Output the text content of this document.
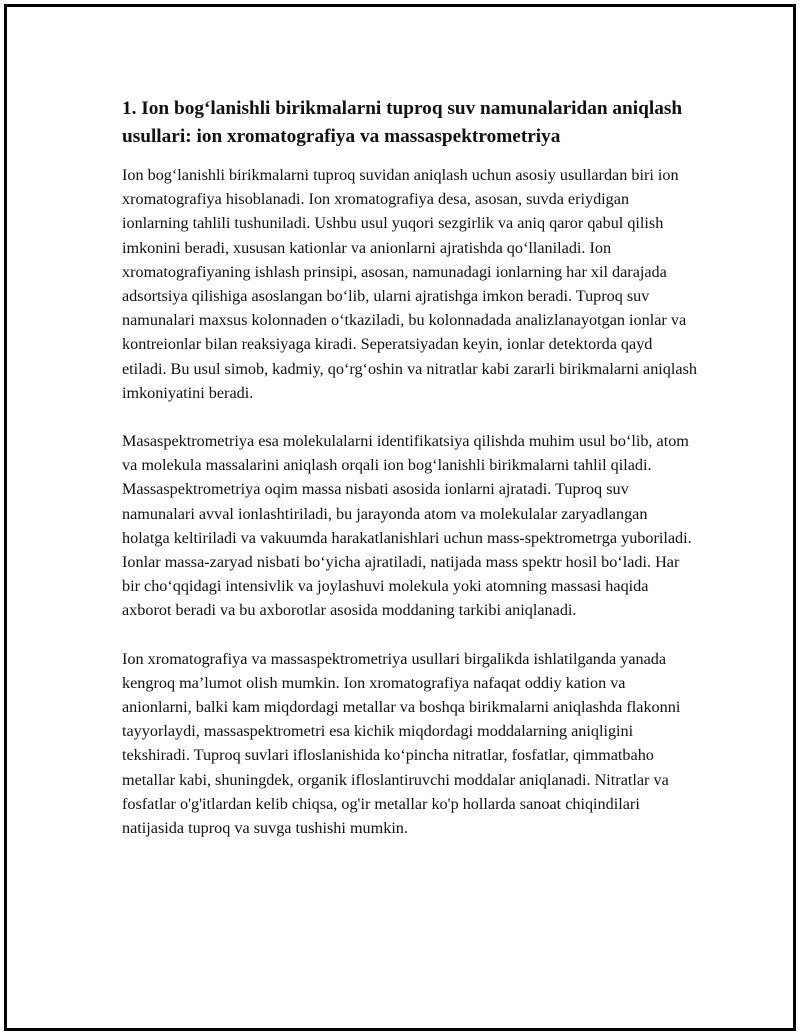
1. Ion bog‘lanishli birikmalarni tuproq suv namunalaridan aniqlash usullari: ion xromatografiya va massaspektrometriya

Ion bog‘lanishli birikmalarni tuproq suvidan aniqlash uchun asosiy usullardan biri ion xromatografiya hisoblanadi. Ion xromatografiya desa, asosan, suvda eriydigan ionlarning tahlili tushuniladi. Ushbu usul yuqori sezgirlik va aniq qaror qabul qilish imkonini beradi, xususan kationlar va anionlarni ajratishda qo‘llaniladi. Ion xromatografiyaning ishlash prinsipi, asosan, namunadagi ionlarning har xil darajada adsortsiya qilishiga asoslangan bo‘lib, ularni ajratishga imkon beradi. Tuproq suv namunalari maxsus kolonnaden o‘tkaziladi, bu kolonnadada analizlanayotgan ionlar va kontreionlar bilan reaksiyaga kiradi. Seperatsiyadan keyin, ionlar detektorda qayd etiladi. Bu usul simob, kadmiy, qo‘rg‘oshin va nitratlar kabi zararli birikmalarni aniqlash imkoniyatini beradi.

Masaspektrometriya esa molekulalarni identifikatsiya qilishda muhim usul bo‘lib, atom va molekula massalarini aniqlash orqali ion bog‘lanishli birikmalarni tahlil qiladi. Massaspektrometriya oqim massa nisbati asosida ionlarni ajratadi. Tuproq suv namunalari avval ionlashtiriladi, bu jarayonda atom va molekulalar zaryadlangan holatga keltiriladi va vakuumda harakatlanishlari uchun mass-spektrometrga yuboriladi. Ionlar massa-zaryad nisbati bo‘yicha ajratiladi, natijada mass spektr hosil bo‘ladi. Har bir cho‘qqidagi intensivlik va joylashuvi molekula yoki atomning massasi haqida axborot beradi va bu axborotlar asosida moddaning tarkibi aniqlanadi.

Ion xromatografiya va massaspektrometriya usullari birgalikda ishlatilganda yanada kengroq ma’lumot olish mumkin. Ion xromatografiya nafaqat oddiy kation va anionlarni, balki kam miqdordagi metallar va boshqa birikmalarni aniqlashda flakonni tayyorlaydi, massaspektrometri esa kichik miqdordagi moddalarning aniqligini tekshiradi. Tuproq suvlari ifloslanishida ko‘pincha nitratlar, fosfatlar, qimmatbaho metallar kabi, shuningdek, organik ifloslantiruvchi moddalar aniqlanadi. Nitratlar va fosfatlar o'g'itlardan kelib chiqsa, og'ir metallar ko'p hollarda sanoat chiqindilari natijasida tuproq va suvga tushishi mumkin.
